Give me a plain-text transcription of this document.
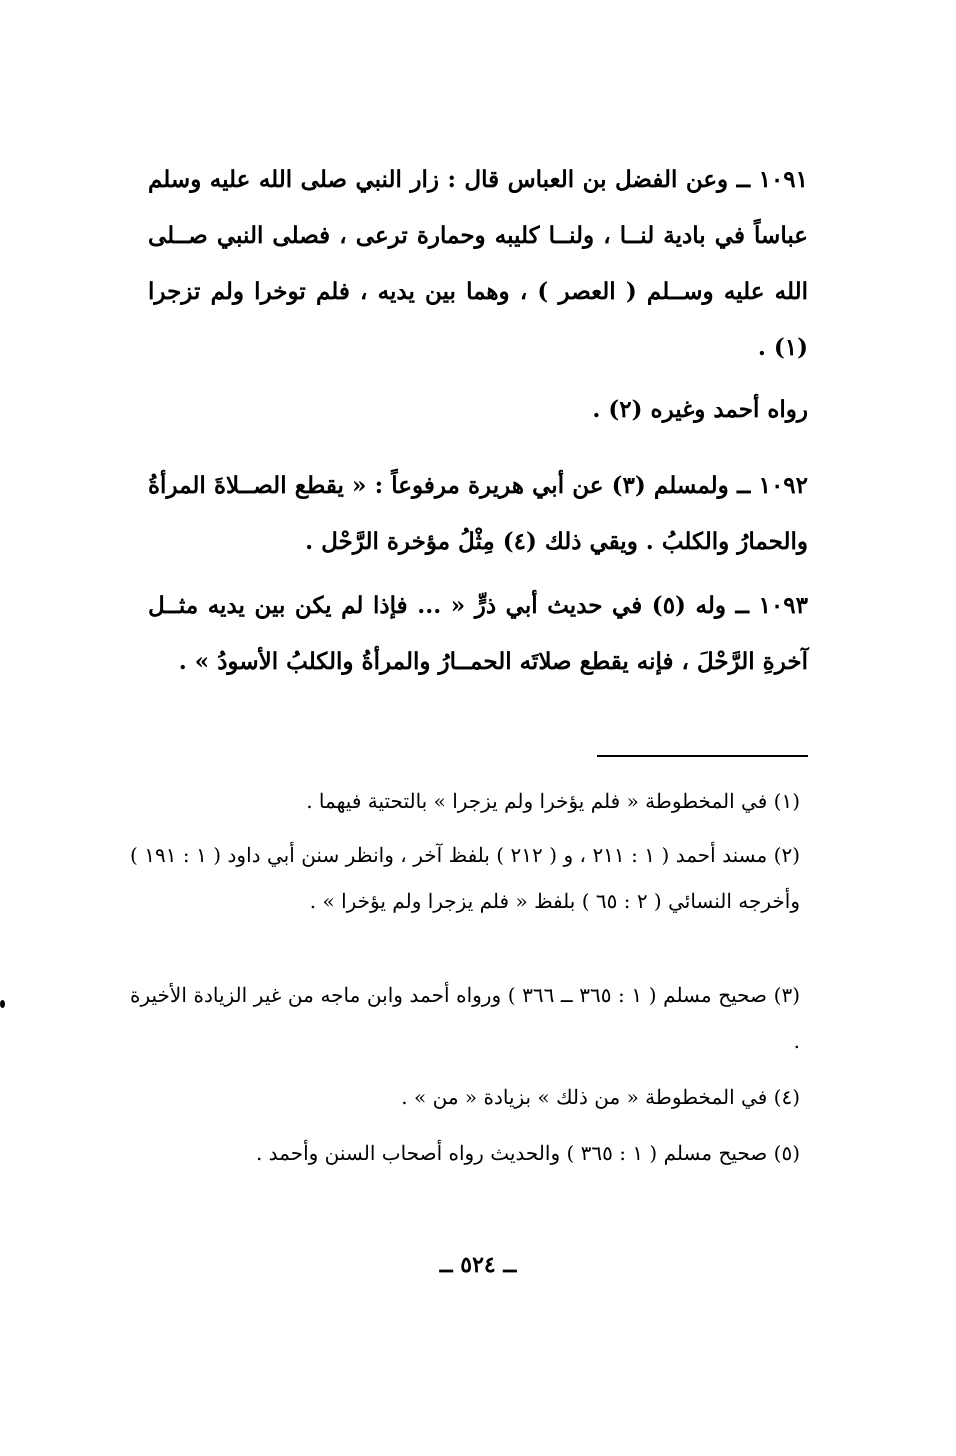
١٠٩١ ــ وعن الفضل بن العباس قال : زار النبي صلى الله عليه وسلم عباساً في بادية لنــا ، ولنــا كليبه وحمارة ترعى ، فصلى النبي صــلى الله عليه وســلم ( العصر ) ، وهما بين يديه ، فلم توخرا ولم تزجرا (١) .
رواه أحمد وغيره (٢) .
١٠٩٢ ــ ولمسلم (٣) عن أبي هريرة مرفوعاً : « يقطع الصــلاةَ المرأةُ والحمارُ والكلبُ . ويقي ذلك (٤) مِثْلُ مؤخرة الرَّحْل .
١٠٩٣ ــ وله (٥) في حديث أبي ذرٍّ « ... فإذا لم يكن بين يديه مثــل آخرةِ الرَّحْلَ ، فإنه يقطع صلاتَه الحمــارُ والمرأةُ والكلبُ الأسودُ » .
(١) في المخطوطة « فلم يؤخرا ولم يزجرا » بالتحتية فيهما .
(٢) مسند أحمد ( ١ : ٢١١ ، و ( ٢١٢ ) بلفظ آخر ، وانظر سنن أبي داود ( ١ : ١٩١ ) وأخرجه النسائي ( ٢ : ٦٥ ) بلفظ « فلم يزجرا ولم يؤخرا » .
(٣) صحيح مسلم ( ١ : ٣٦٥ ــ ٣٦٦ ) ورواه أحمد وابن ماجه من غير الزيادة الأخيرة .
(٤) في المخطوطة « من ذلك » بزيادة « من » .
(٥) صحيح مسلم ( ١ : ٣٦٥ ) والحديث رواه أصحاب السنن وأحمد .
ــ ٥٢٤ ــ
